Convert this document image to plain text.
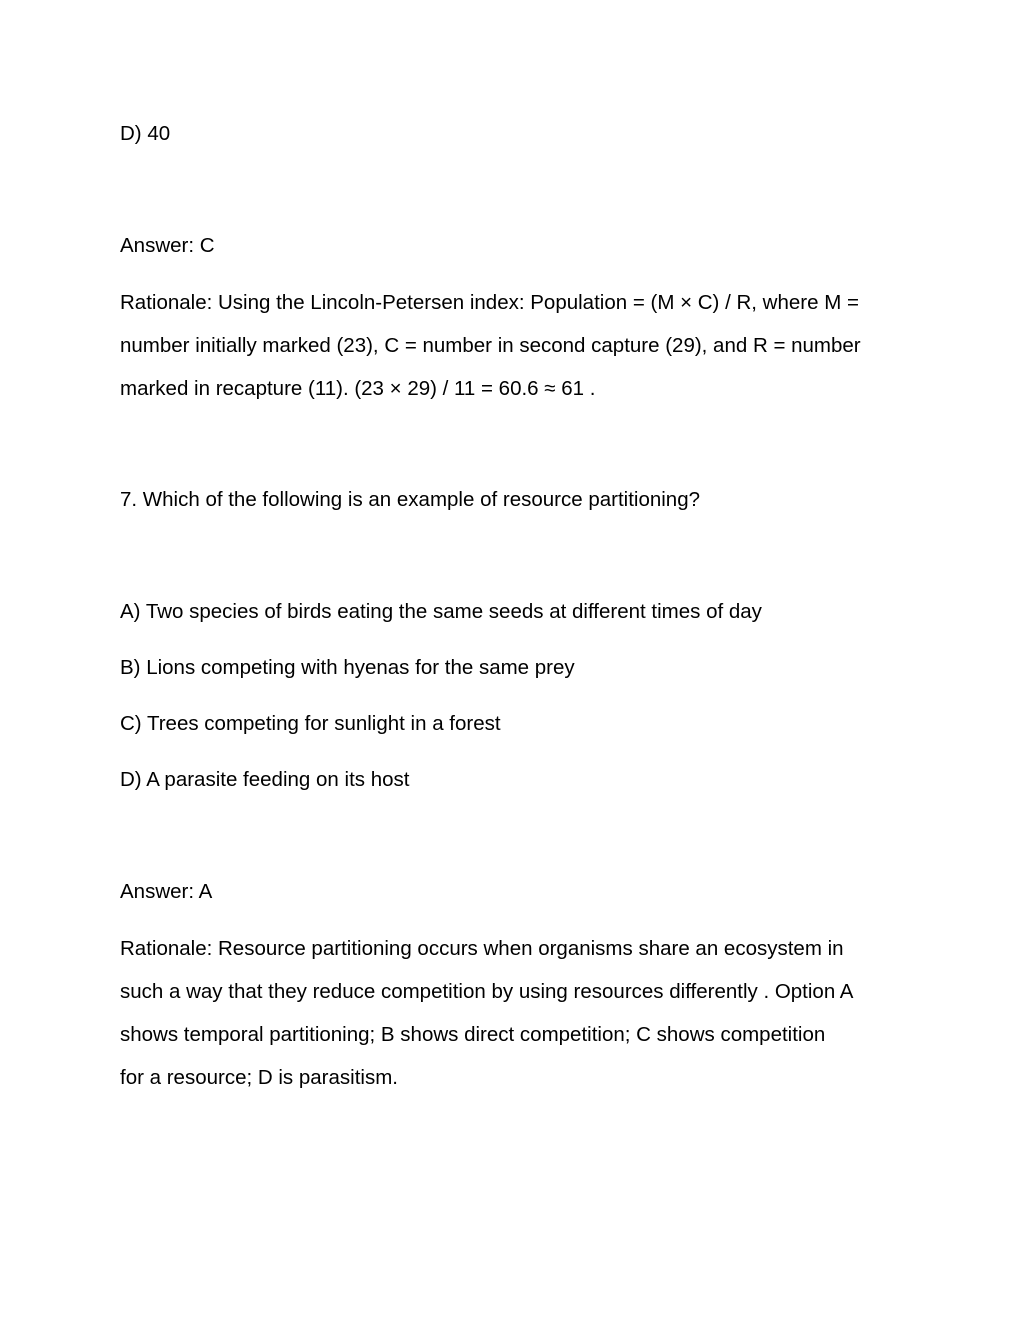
D) 40
Answer: C
Rationale: Using the Lincoln-Petersen index: Population = (M × C) / R, where M =
number initially marked (23), C = number in second capture (29), and R = number
marked in recapture (11). (23 × 29) / 11 = 60.6 ≈ 61 .
7. Which of the following is an example of resource partitioning?
A) Two species of birds eating the same seeds at different times of day
B) Lions competing with hyenas for the same prey
C) Trees competing for sunlight in a forest
D) A parasite feeding on its host
Answer: A
Rationale: Resource partitioning occurs when organisms share an ecosystem in
such a way that they reduce competition by using resources differently . Option A
shows temporal partitioning; B shows direct competition; C shows competition
for a resource; D is parasitism.
